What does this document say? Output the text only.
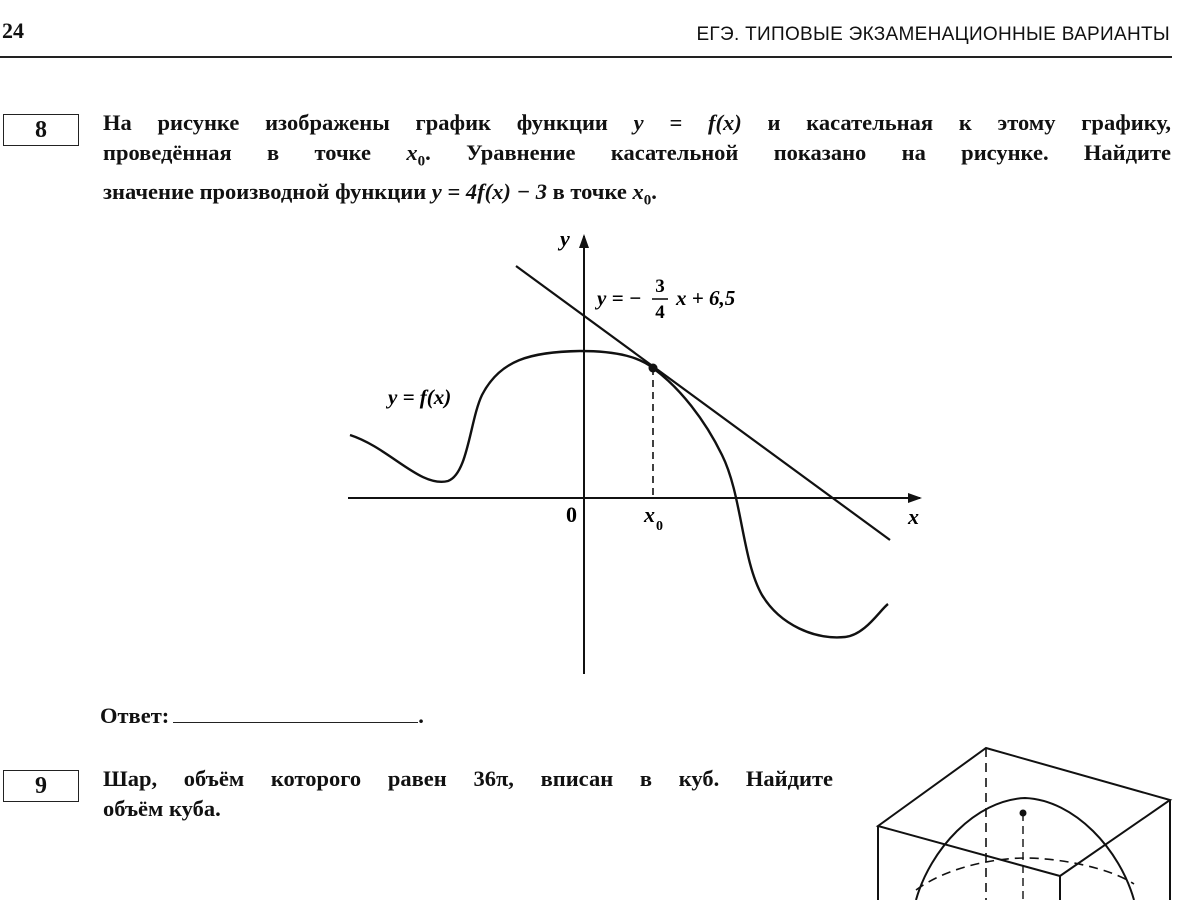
24	ЕГЭ. ТИПОВЫЕ ЭКЗАМЕНАЦИОННЫЕ ВАРИАНТЫ
8 На рисунке изображены график функции y = f(x) и касательная к этому графику,
проведённая в точке $x_0$. Уравнение касательной показано на рисунке. Найдите
значение производной функции y = 4f(x) − 3 в точке $x_0$.
y
x
0	x 0
y = f(x)
y = − 3
4
x + 6,5
Ответ:	.
9 Шар, объём которого равен 36π, вписан в куб. Найдите
объём куба.
